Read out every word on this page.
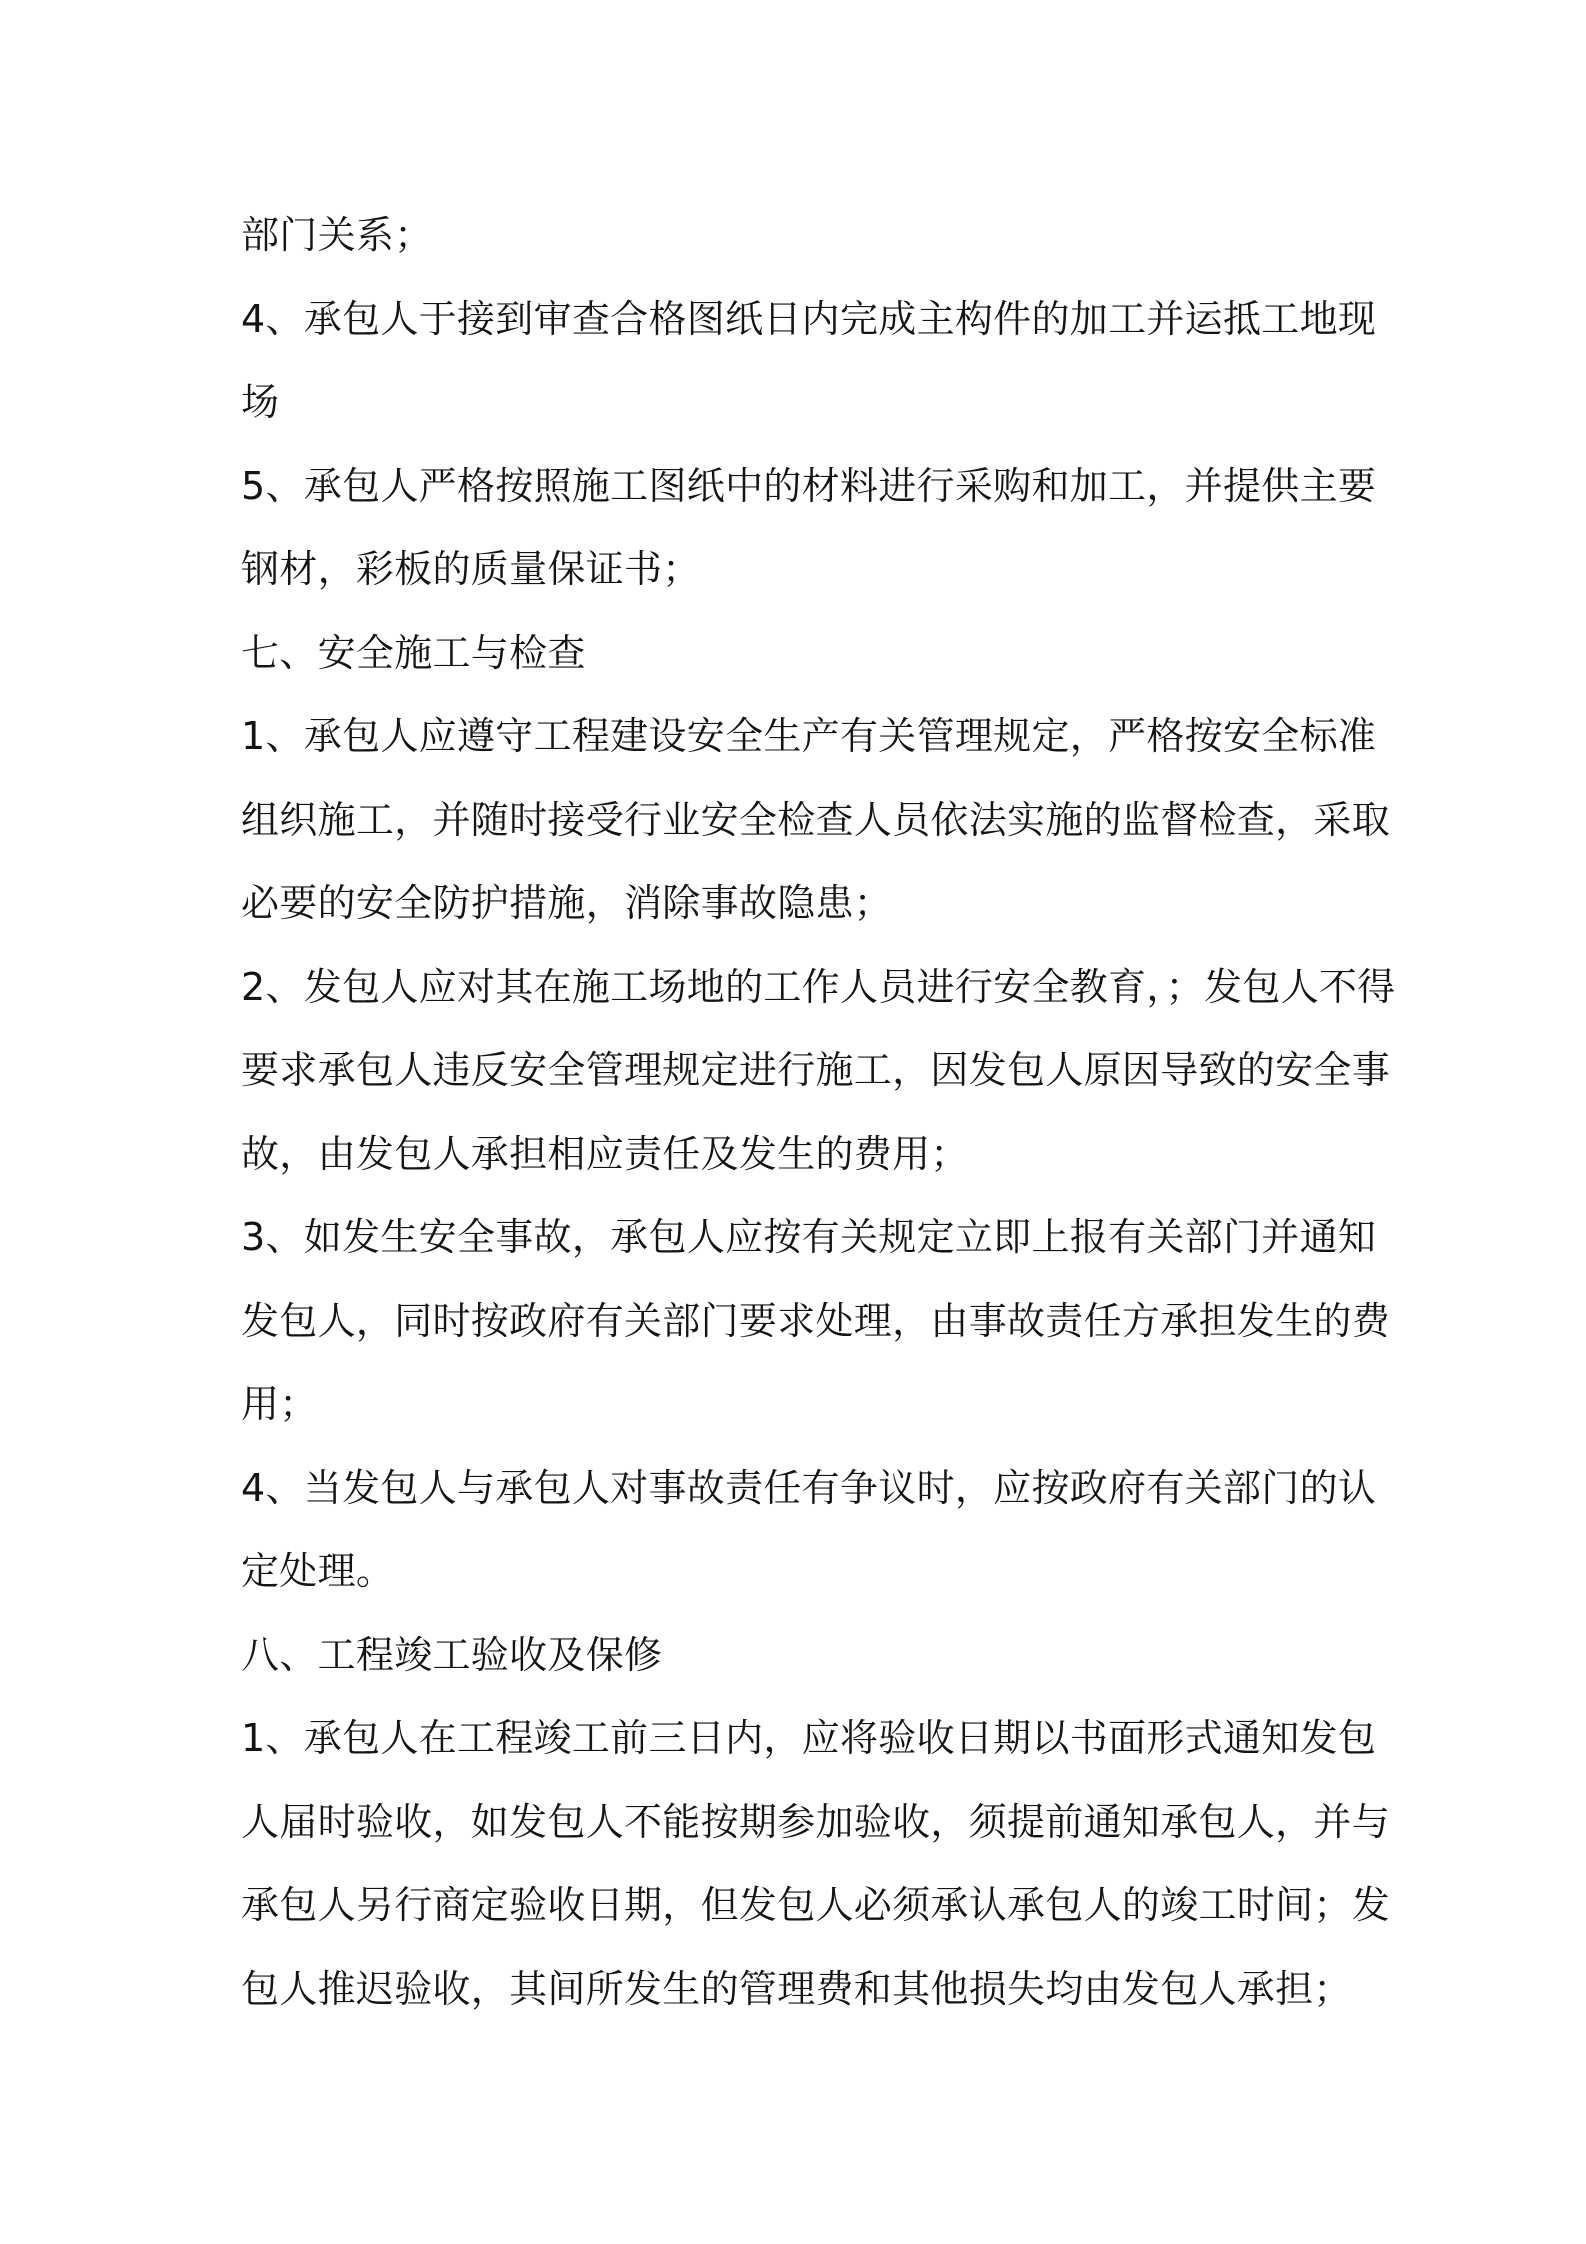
部门关系；

4、承包人于接到审查合格图纸日内完成主构件的加工并运抵工地现
场

5、承包人严格按照施工图纸中的材料进行采购和加工，并提供主要
钢材，彩板的质量保证书；

七、安全施工与检查

1、承包人应遵守工程建设安全生产有关管理规定，严格按安全标准
组织施工，并随时接受行业安全检查人员依法实施的监督检查，采取
必要的安全防护措施，消除事故隐患；

2、发包人应对其在施工场地的工作人员进行安全教育，；发包人不得
要求承包人违反安全管理规定进行施工，因发包人原因导致的安全事
故，由发包人承担相应责任及发生的费用；

3、如发生安全事故，承包人应按有关规定立即上报有关部门并通知
发包人，同时按政府有关部门要求处理，由事故责任方承担发生的费
用；

4、当发包人与承包人对事故责任有争议时，应按政府有关部门的认
定处理。

八、工程竣工验收及保修

1、承包人在工程竣工前三日内，应将验收日期以书面形式通知发包
人届时验收，如发包人不能按期参加验收，须提前通知承包人，并与
承包人另行商定验收日期，但发包人必须承认承包人的竣工时间；发
包人推迟验收，其间所发生的管理费和其他损失均由发包人承担；
